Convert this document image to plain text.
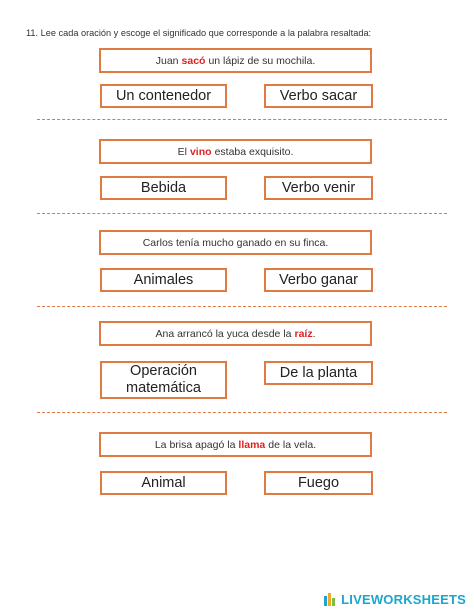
11. Lee cada oración y escoge el significado que corresponde a la palabra resaltada:
Juan sacó un lápiz de su mochila.
Un contenedor	Verbo sacar
El vino estaba exquisito.
Bebida	Verbo venir
Carlos tenía mucho ganado en su finca.
Animales	Verbo ganar
Ana arrancó la yuca desde la raíz .
Operación matemática
De la planta
La brisa apagó la llama de la vela.
Animal	Fuego
LIVEWORKSHEETS
